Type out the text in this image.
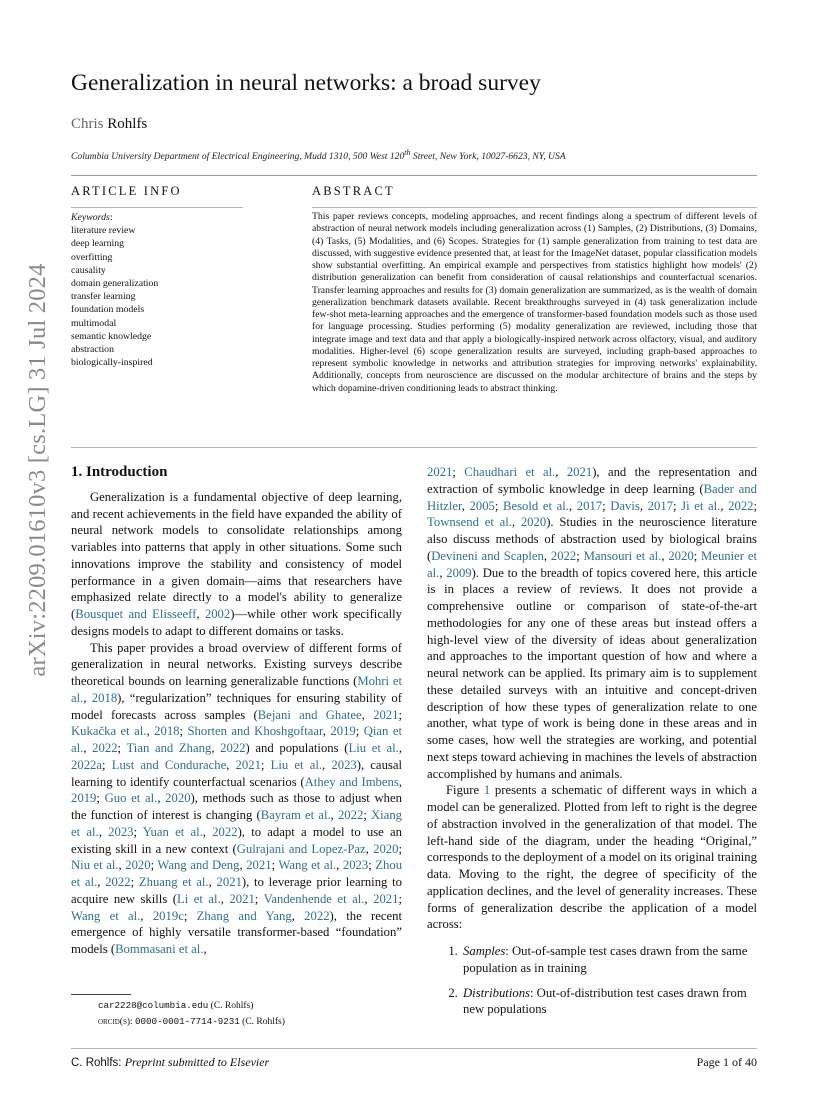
arXiv:2209.01610v3 [cs.LG] 31 Jul 2024
Generalization in neural networks: a broad survey
Chris Rohlfs
Columbia University Department of Electrical Engineering, Mudd 1310, 500 West 120th Street, New York, 10027-6623, NY, USA
ARTICLE INFO	ABSTRACT
Keywords:
literature review
deep learning
overfitting
causality
domain generalization
transfer learning
foundation models
multimodal
semantic knowledge
abstraction
biologically-inspired
This paper reviews concepts, modeling approaches, and recent findings along a spectrum of different levels of abstraction of neural network models including generalization across (1) Samples, (2) Distributions, (3) Domains, (4) Tasks, (5) Modalities, and (6) Scopes. Strategies for (1) sample generalization from training to test data are discussed, with suggestive evidence presented that, at least for the ImageNet dataset, popular classification models show substantial overfitting. An empirical example and perspectives from statistics highlight how models' (2) distribution generalization can benefit from consideration of causal relationships and counterfactual scenarios. Transfer learning approaches and results for (3) domain generalization are summarized, as is the wealth of domain generalization benchmark datasets available. Recent breakthroughs surveyed in (4) task generalization include few-shot meta-learning approaches and the emergence of transformer-based foundation models such as those used for language processing. Studies performing (5) modality generalization are reviewed, including those that integrate image and text data and that apply a biologically-inspired network across olfactory, visual, and auditory modalities. Higher-level (6) scope generalization results are surveyed, including graph-based approaches to represent symbolic knowledge in networks and attribution strategies for improving networks' explainability. Additionally, concepts from neuroscience are discussed on the modular architecture of brains and the steps by which dopamine-driven conditioning leads to abstract thinking.
1. Introduction

Generalization is a fundamental objective of deep learning, and recent achievements in the field have expanded the ability of neural network models to consolidate relationships among variables into patterns that apply in other situations. Some such innovations improve the stability and consistency of model performance in a given domain—aims that researchers have emphasized relate directly to a model's ability to generalize (Bousquet and Elisseeff, 2002)—while other work specifically designs models to adapt to different domains or tasks.

This paper provides a broad overview of different forms of generalization in neural networks. Existing surveys describe theoretical bounds on learning generalizable functions (Mohri et al., 2018), “regularization” techniques for ensuring stability of model forecasts across samples (Bejani and Ghatee, 2021; Kukačka et al., 2018; Shorten and Khoshgoftaar, 2019; Qian et al., 2022; Tian and Zhang, 2022) and populations (Liu et al., 2022a; Lust and Condurache, 2021; Liu et al., 2023), causal learning to identify counterfactual scenarios (Athey and Imbens, 2019; Guo et al., 2020), methods such as those to adjust when the function of interest is changing (Bayram et al., 2022; Xiang et al., 2023; Yuan et al., 2022), to adapt a model to use an existing skill in a new context (Gulrajani and Lopez-Paz, 2020; Niu et al., 2020; Wang and Deng, 2021; Wang et al., 2023; Zhou et al., 2022; Zhuang et al., 2021), to leverage prior learning to acquire new skills (Li et al., 2021; Vandenhende et al., 2021; Wang et al., 2019c; Zhang and Yang, 2022), the recent emergence of highly versatile transformer-based “foundation” models (Bommasani et al.,

2021; Chaudhari et al., 2021), and the representation and extraction of symbolic knowledge in deep learning (Bader and Hitzler, 2005; Besold et al., 2017; Davis, 2017; Ji et al., 2022; Townsend et al., 2020). Studies in the neuroscience literature also discuss methods of abstraction used by biological brains (Devineni and Scaplen, 2022; Mansouri et al., 2020; Meunier et al., 2009). Due to the breadth of topics covered here, this article is in places a review of reviews. It does not provide a comprehensive outline or comparison of state-of-the-art methodologies for any one of these areas but instead offers a high-level view of the diversity of ideas about generalization and approaches to the important question of how and where a neural network can be applied. Its primary aim is to supplement these detailed surveys with an intuitive and concept-driven description of how these types of generalization relate to one another, what type of work is being done in these areas and in some cases, how well the strategies are working, and potential next steps toward achieving in machines the levels of abstraction accomplished by humans and animals.

Figure 1 presents a schematic of different ways in which a model can be generalized. Plotted from left to right is the degree of abstraction involved in the generalization of that model. The left-hand side of the diagram, under the heading “Original,” corresponds to the deployment of a model on its original training data. Moving to the right, the degree of specificity of the application declines, and the level of generality increases. These forms of generalization describe the application of a model across:

1. Samples: Out-of-sample test cases drawn from the same population as in training
2. Distributions: Out-of-distribution test cases drawn from new populations
car2228@columbia.edu (C. Rohlfs)
orcid(s): 0000-0001-7714-9231 (C. Rohlfs)
C. Rohlfs: Preprint submitted to Elsevier	Page 1 of 40
